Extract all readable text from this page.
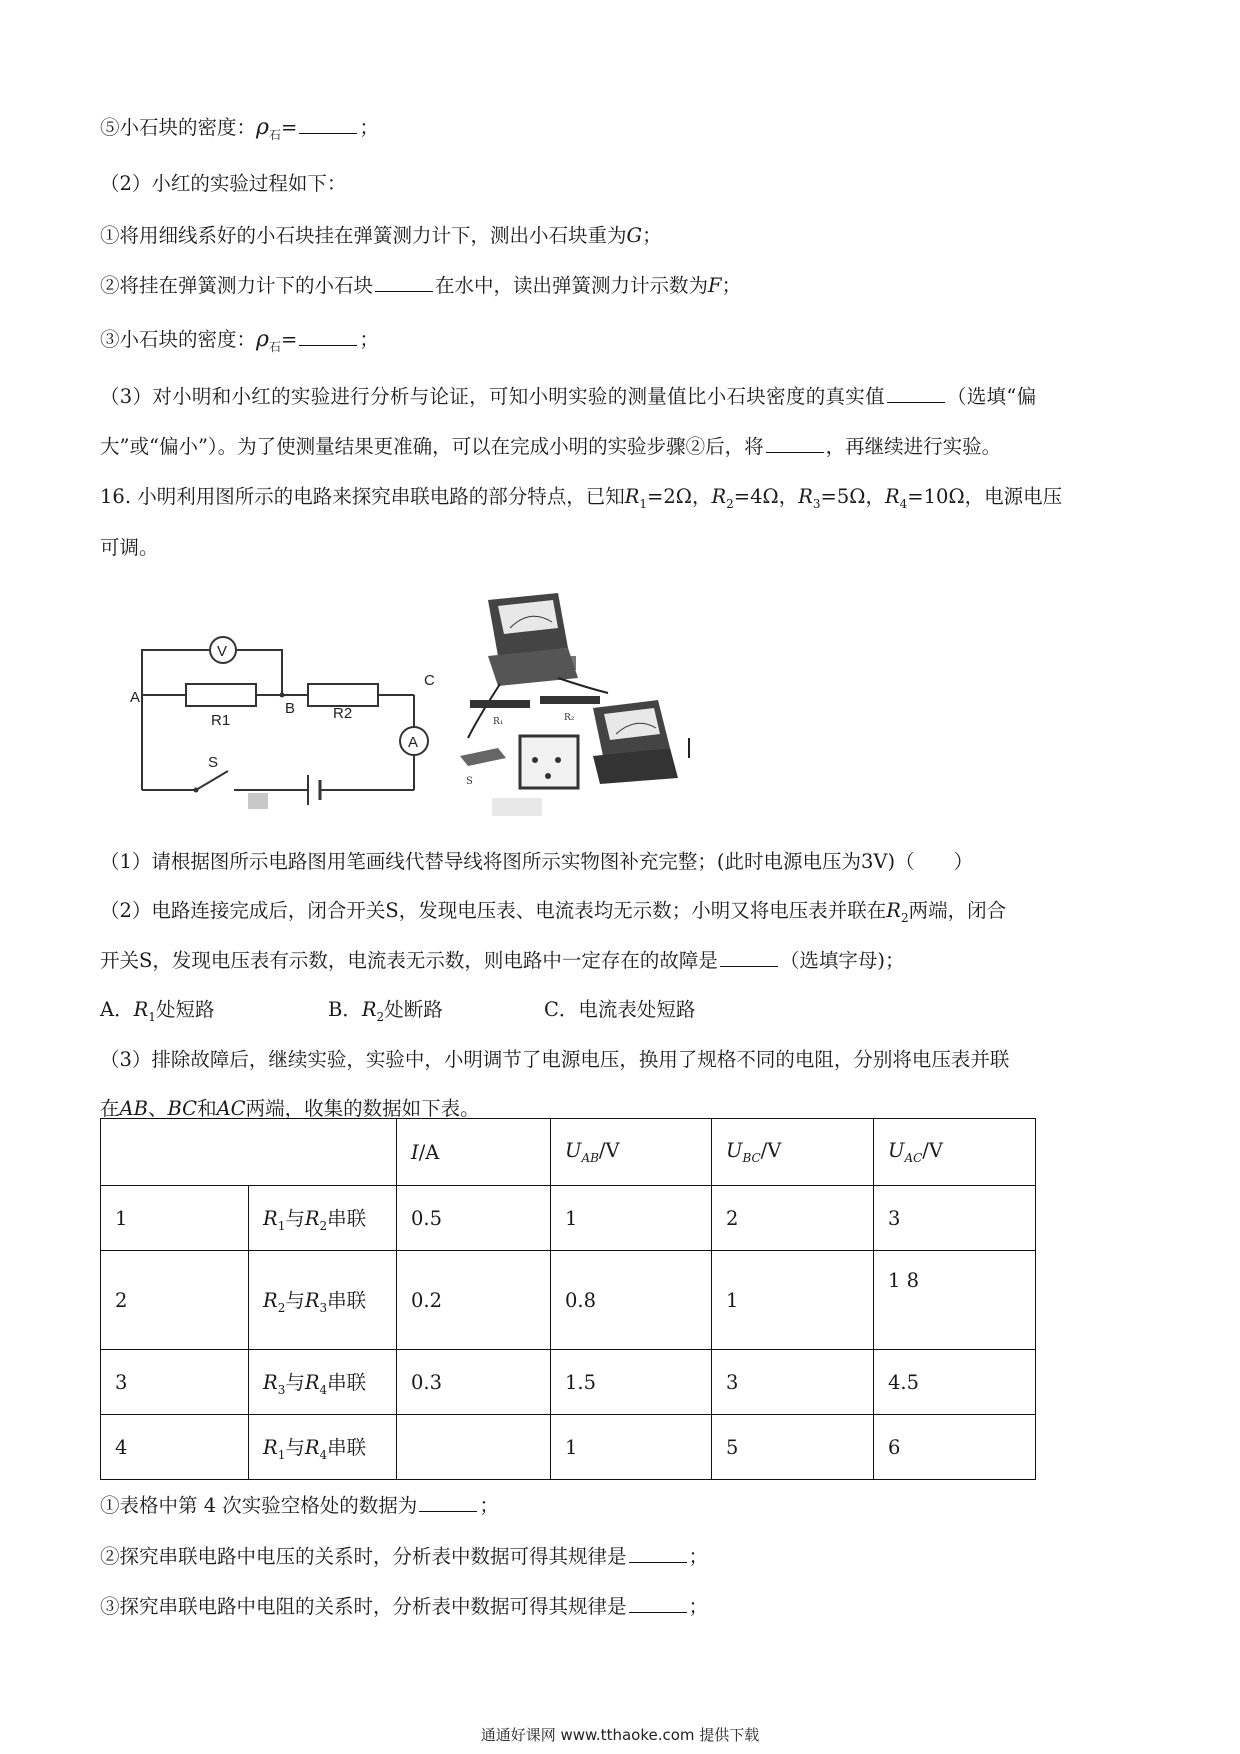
⑤小石块的密度：$\rho_石=$	；
（2）小红的实验过程如下：
①将用细线系好的小石块挂在弹簧测力计下，测出小石块重为G；
②将挂在弹簧测力计下的小石块	在水中，读出弹簧测力计示数为F；
③小石块的密度：$\rho_石=$	；
（3）对小明和小红的实验进行分析与论证，可知小明实验的测量值比小石块密度的真实值	（选填“偏
大”或“偏小”）。为了使测量结果更准确，可以在完成小明的实验步骤②后，将	，再继续进行实验。
16. 小明利用图所示的电路来探究串联电路的部分特点，已知$R_1=2\Omega$，$R_2=4\Omega$，$R_3=5\Omega$，$R_4=10\Omega$，电源电压
可调。
V
A
A
B
C
R1	R2
S
R₁	R₂
S
（1）请根据图所示电路图用笔画线代替导线将图所示实物图补充完整；(此时电源电压为3V)（　　）
（2）电路连接完成后，闭合开关S，发现电压表、电流表均无示数；小明又将电压表并联在$R_2$两端，闭合
开关S，发现电压表有示数，电流表无示数，则电路中一定存在的故障是	（选填字母)；
A．$R_1$处短路	B．$R_2$处断路	C．电流表处短路
（3）排除故障后，继续实验，实验中，小明调节了电源电压，换用了规格不同的电阻，分别将电压表并联
在AB、BC和AC两端，收集的数据如下表。
		I/A	$U_{AB}/V$	$U_{BC}/V$	$U_{AC}/V$
1	$R_1$与$R_2$串联	0.5	1	2	3
2	$R_2$与$R_3$串联	0.2	0.8	1	1 8
3	$R_3$与$R_4$串联	0.3	1.5	3	4.5
4	$R_1$与$R_4$串联		1	5	6
①表格中第 4 次实验空格处的数据为	；
②探究串联电路中电压的关系时，分析表中数据可得其规律是	；
③探究串联电路中电阻的关系时，分析表中数据可得其规律是	；
通通好课网 www.tthaoke.com 提供下载
